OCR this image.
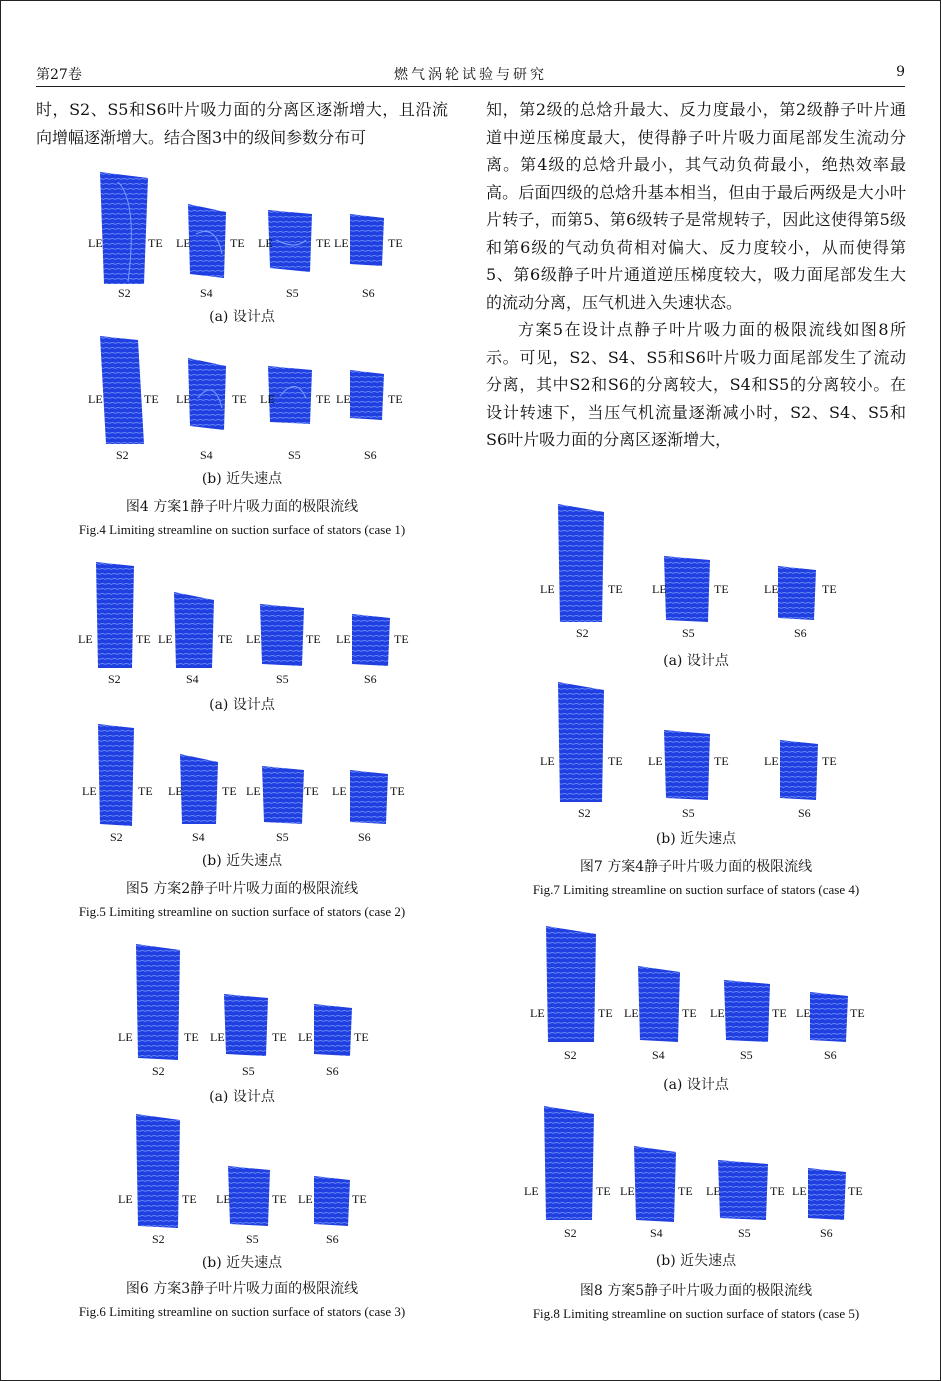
第27卷	燃气涡轮试验与研究	9

时，S2、S5和S6叶片吸力面的分离区逐渐增大，且沿流向增幅逐渐增大。结合图3中的级间参数分布可

知，第2级的总焓升最大、反力度最小，第2级静子叶片通道中逆压梯度最大，使得静子叶片吸力面尾部发生流动分离。第4级的总焓升最小，其气动负荷最小，绝热效率最高。后面四级的总焓升基本相当，但由于最后两级是大小叶片转子，而第5、第6级转子是常规转子，因此这使得第5级和第6级的气动负荷相对偏大、反力度较小，从而使得第5、第6级静子叶片通道逆压梯度较大，吸力面尾部发生大的流动分离，压气机进入失速状态。

方案5在设计点静子叶片吸力面的极限流线如图8所示。可见，S2、S4、S5和S6叶片吸力面尾部发生了流动分离，其中S2和S6的分离较大，S4和S5的分离较小。在设计转速下，当压气机流量逐渐减小时，S2、S4、S5和S6叶片吸力面的分离区逐渐增大，

LE	TE LE	TE LE	TE LE	TE
S2	S4	S5	S6
(a) 设计点
LE	TE LE	TE LE	TE LE	TE
S2	S4	S5	S6
(b) 近失速点
图4 方案1静子叶片吸力面的极限流线
Fig.4 Limiting streamline on suction surface of stators (case 1)
LE	TE LE	TE LE	TE LE	TE
S2	S4	S5	S6
(a) 设计点
LE	TE LE	TE LE	TE LE	TE
S2	S4	S5	S6
(b) 近失速点
图5 方案2静子叶片吸力面的极限流线
Fig.5 Limiting streamline on suction surface of stators (case 2)
LE	TE LE	TE LE	TE
S2	S5	S6
(a) 设计点
LE	TE LE	TE LE	TE
S2	S5	S6
(b) 近失速点
图6 方案3静子叶片吸力面的极限流线
Fig.6 Limiting streamline on suction surface of stators (case 3)
LE	TE LE	TE	LE	TE
S2	S5	S6
(a) 设计点
LE	TE LE	TE	LE	TE
S2	S5	S6
(b) 近失速点
图7 方案4静子叶片吸力面的极限流线
Fig.7 Limiting streamline on suction surface of stators (case 4)
LE	TE LE	TE LE	TE LE	TE
S2	S4	S5	S6
(a) 设计点
LE	TE LE	TE LE	TE LE	TE
S2	S4	S5	S6
(b) 近失速点
图8 方案5静子叶片吸力面的极限流线
Fig.8 Limiting streamline on suction surface of stators (case 5)
